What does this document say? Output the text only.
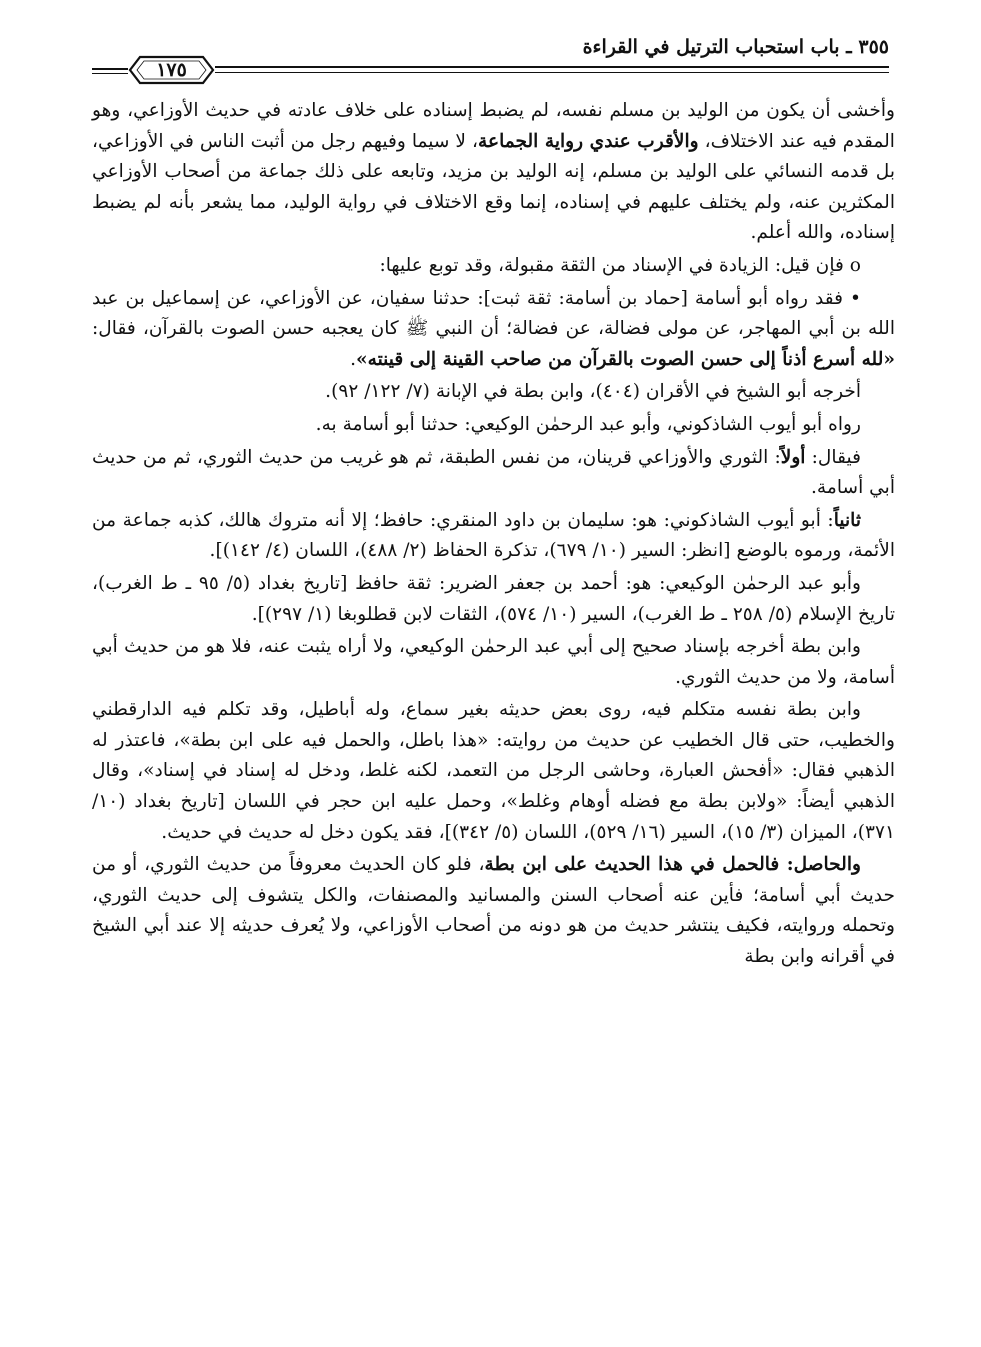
٣٥٥ ـ باب استحباب الترتيل في القراءة
١٧٥

وأخشى أن يكون من الوليد بن مسلم نفسه، لم يضبط إسناده على خلاف عادته في حديث الأوزاعي، وهو المقدم فيه عند الاختلاف، والأقرب عندي رواية الجماعة، لا سيما وفيهم رجل من أثبت الناس في الأوزاعي، بل قدمه النسائي على الوليد بن مسلم، إنه الوليد بن مزيد، وتابعه على ذلك جماعة من أصحاب الأوزاعي المكثرين عنه، ولم يختلف عليهم في إسناده، إنما وقع الاختلاف في رواية الوليد، مما يشعر بأنه لم يضبط إسناده، والله أعلم.

o فإن قيل: الزيادة في الإسناد من الثقة مقبولة، وقد توبع عليها:

• فقد رواه أبو أسامة [حماد بن أسامة: ثقة ثبت]: حدثنا سفيان، عن الأوزاعي، عن إسماعيل بن عبد الله بن أبي المهاجر، عن مولى فضالة، عن فضالة؛ أن النبي ﷺ كان يعجبه حسن الصوت بالقرآن، فقال: «لله أسرع أذناً إلى حسن الصوت بالقرآن من صاحب القينة إلى قينته».

أخرجه أبو الشيخ في الأقران (٤٠٤)، وابن بطة في الإبانة (٧/ ١٢٢/ ٩٢).

رواه أبو أيوب الشاذكوني، وأبو عبد الرحمٰن الوكيعي: حدثنا أبو أسامة به.

فيقال: أولاً: الثوري والأوزاعي قرينان، من نفس الطبقة، ثم هو غريب من حديث الثوري، ثم من حديث أبي أسامة.

ثانياً: أبو أيوب الشاذكوني: هو: سليمان بن داود المنقري: حافظ؛ إلا أنه متروك هالك، كذبه جماعة من الأئمة، ورموه بالوضع [انظر: السير (١٠/ ٦٧٩)، تذكرة الحفاظ (٢/ ٤٨٨)، اللسان (٤/ ١٤٢)].

وأبو عبد الرحمٰن الوكيعي: هو: أحمد بن جعفر الضرير: ثقة حافظ [تاريخ بغداد (٥/ ٩٥ ـ ط الغرب)، تاريخ الإسلام (٥/ ٢٥٨ ـ ط الغرب)، السير (١٠/ ٥٧٤)، الثقات لابن قطلوبغا (١/ ٢٩٧)].

وابن بطة أخرجه بإسناد صحيح إلى أبي عبد الرحمٰن الوكيعي، ولا أراه يثبت عنه، فلا هو من حديث أبي أسامة، ولا من حديث الثوري.

وابن بطة نفسه متكلم فيه، روى بعض حديثه بغير سماع، وله أباطيل، وقد تكلم فيه الدارقطني والخطيب، حتى قال الخطيب عن حديث من روايته: «هذا باطل، والحمل فيه على ابن بطة»، فاعتذر له الذهبي فقال: «أفحش العبارة، وحاشى الرجل من التعمد، لكنه غلط، ودخل له إسناد في إسناد»، وقال الذهبي أيضاً: «ولابن بطة مع فضله أوهام وغلط»، وحمل عليه ابن حجر في اللسان [تاريخ بغداد (١٠/ ٣٧١)، الميزان (٣/ ١٥)، السير (١٦/ ٥٢٩)، اللسان (٥/ ٣٤٢)]، فقد يكون دخل له حديث في حديث.

والحاصل: فالحمل في هذا الحديث على ابن بطة، فلو كان الحديث معروفاً من حديث الثوري، أو من حديث أبي أسامة؛ فأين عنه أصحاب السنن والمسانيد والمصنفات، والكل يتشوف إلى حديث الثوري، وتحمله وروايته، فكيف ينتشر حديث من هو دونه من أصحاب الأوزاعي، ولا يُعرف حديثه إلا عند أبي الشيخ في أقرانه وابن بطة
